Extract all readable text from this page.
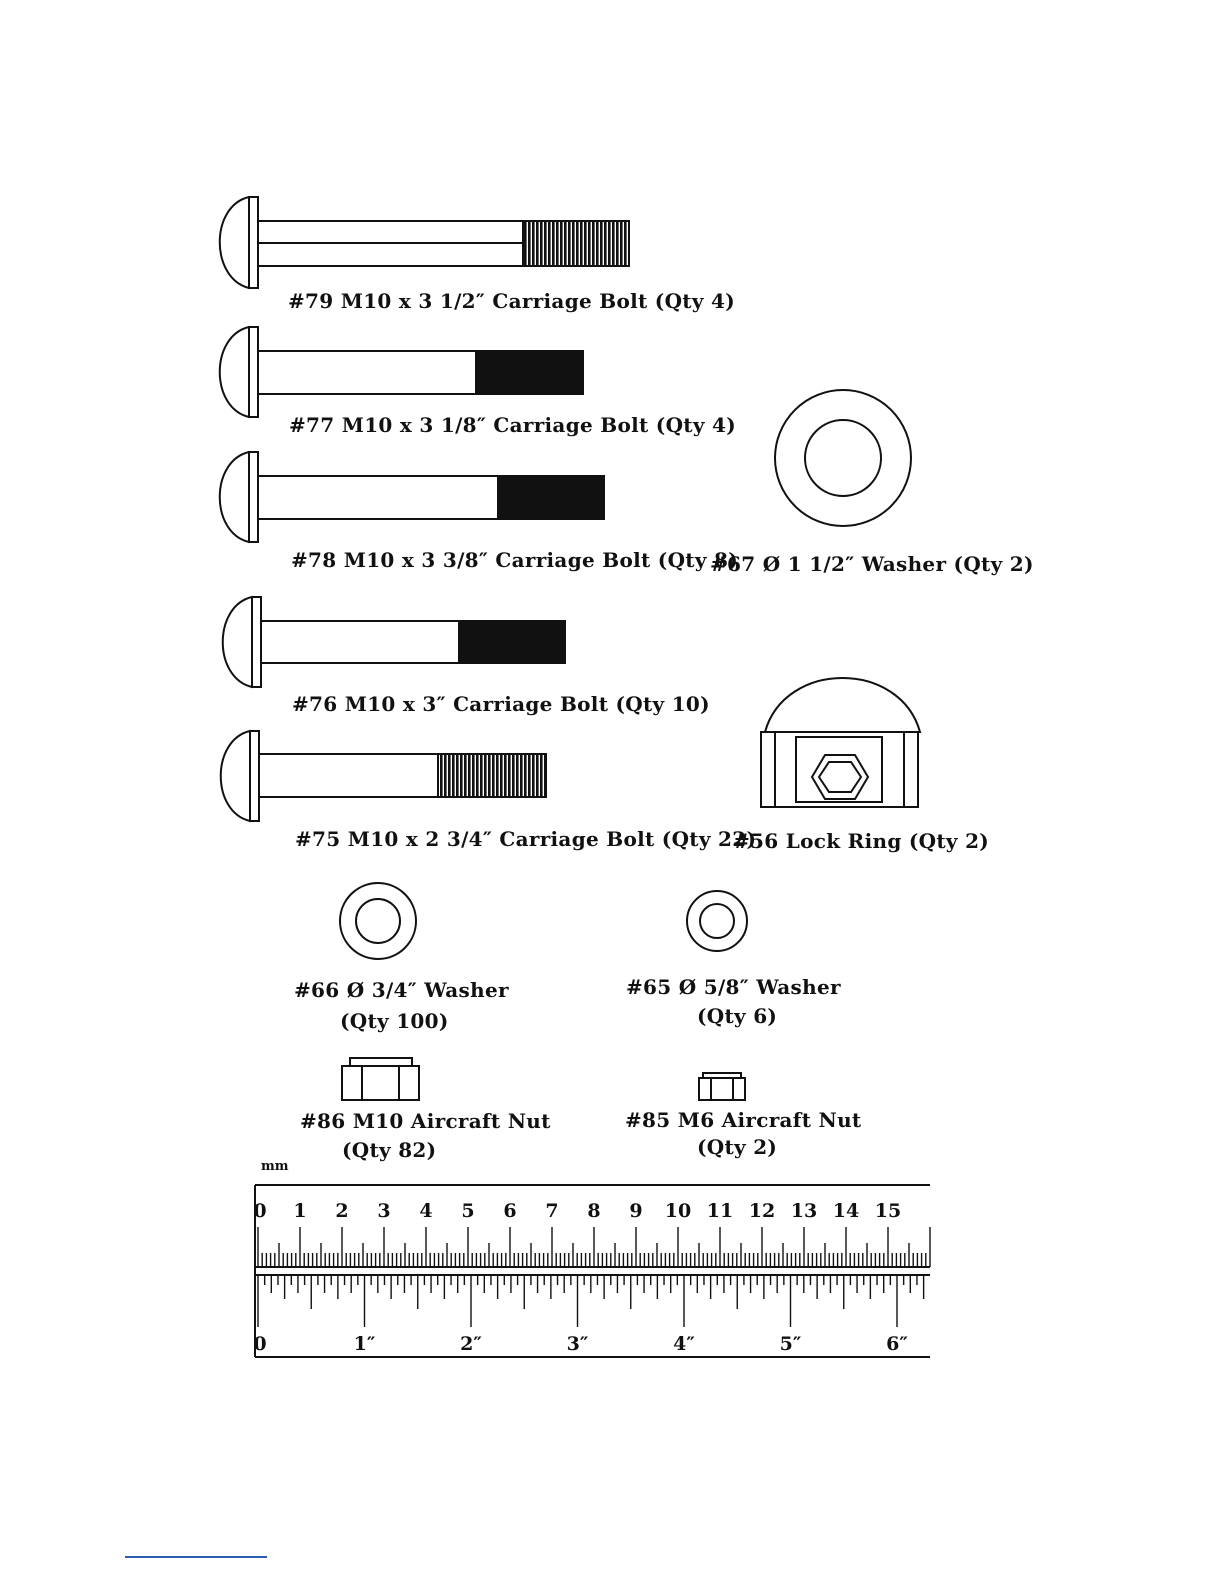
mm
0 1 2 3 4 5 6 7 8 9 10 11 12 13 14 15
0	1″	2″	3″	4″	5″	6″
#79 M10 x 3 1/2″ Carriage Bolt (Qty 4)
#77 M10 x 3 1/8″ Carriage Bolt (Qty 4)
#78 M10 x 3 3/8″ Carriage Bolt (Qty 8)
#67 Ø 1 1/2″ Washer (Qty 2)
#76 M10 x 3″ Carriage Bolt (Qty 10)
#75 M10 x 2 3/4″ Carriage Bolt (Qty 22)
#56 Lock Ring (Qty 2)
#66 Ø 3/4″ Washer
(Qty 100)
#65 Ø 5/8″ Washer
(Qty 6)
#86 M10 Aircraft Nut
(Qty 82)
#85 M6 Aircraft Nut
(Qty 2)
